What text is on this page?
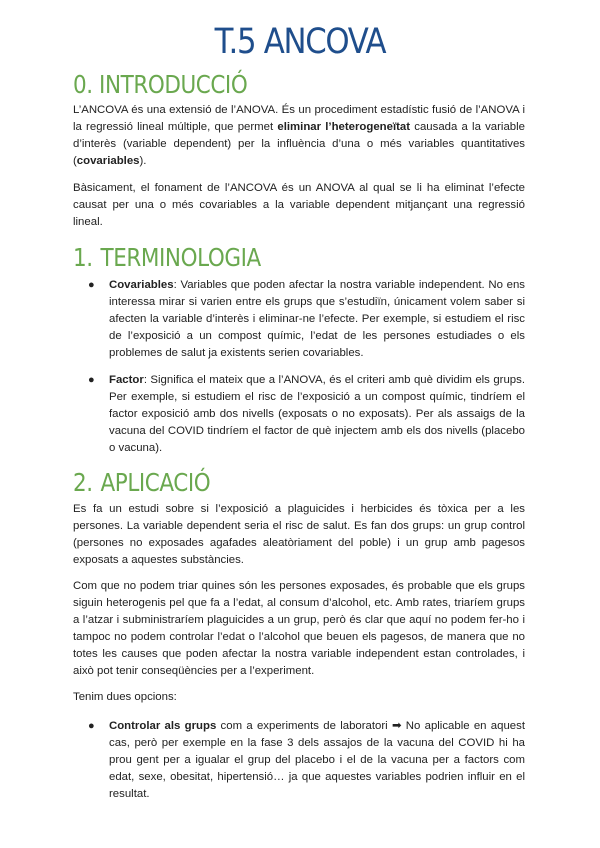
T.5 ANCOVA
0. INTRODUCCIÓ

L’ANCOVA és una extensió de l’ANOVA. És un procediment estadístic fusió de l’ANOVA i la regressió lineal múltiple, que permet eliminar l’heterogeneïtat causada a la variable d’interès (variable dependent) per la influència d’una o més variables quantitatives (covariables).

Bàsicament, el fonament de l’ANCOVA és un ANOVA al qual se li ha eliminat l’efecte causat per una o més covariables a la variable dependent mitjançant una regressió lineal.

1. TERMINOLOGIA
● Covariables: Variables que poden afectar la nostra variable independent. No ens interessa mirar si varien entre els grups que s’estudiïn, únicament volem saber si afecten la variable d’interès i eliminar-ne l’efecte. Per exemple, si estudiem el risc de l’exposició a un compost químic, l’edat de les persones estudiades o els problemes de salut ja existents serien covariables.

● Factor: Significa el mateix que a l’ANOVA, és el criteri amb què dividim els grups. Per exemple, si estudiem el risc de l’exposició a un compost químic, tindríem el factor exposició amb dos nivells (exposats o no exposats). Per als assaigs de la vacuna del COVID tindríem el factor de què injectem amb els dos nivells (placebo o vacuna).

2. APLICACIÓ

Es fa un estudi sobre si l’exposició a plaguicides i herbicides és tòxica per a les persones. La variable dependent seria el risc de salut. Es fan dos grups: un grup control (persones no exposades agafades aleatòriament del poble) i un grup amb pagesos exposats a aquestes substàncies.

Com que no podem triar quines són les persones exposades, és probable que els grups siguin heterogenis pel que fa a l’edat, al consum d’alcohol, etc. Amb rates, triaríem grups a l’atzar i subministraríem plaguicides a un grup, però és clar que aquí no podem fer-ho i tampoc no podem controlar l’edat o l’alcohol que beuen els pagesos, de manera que no totes les causes que poden afectar la nostra variable independent estan controlades, i això pot tenir conseqüències per a l’experiment.

Tenim dues opcions:

● Controlar als grups com a experiments de laboratori ➡ No aplicable en aquest cas, però per exemple en la fase 3 dels assajos de la vacuna del COVID hi ha prou gent per a igualar el grup del placebo i el de la vacuna per a factors com edat, sexe, obesitat, hipertensió… ja que aquestes variables podrien influir en el resultat.
